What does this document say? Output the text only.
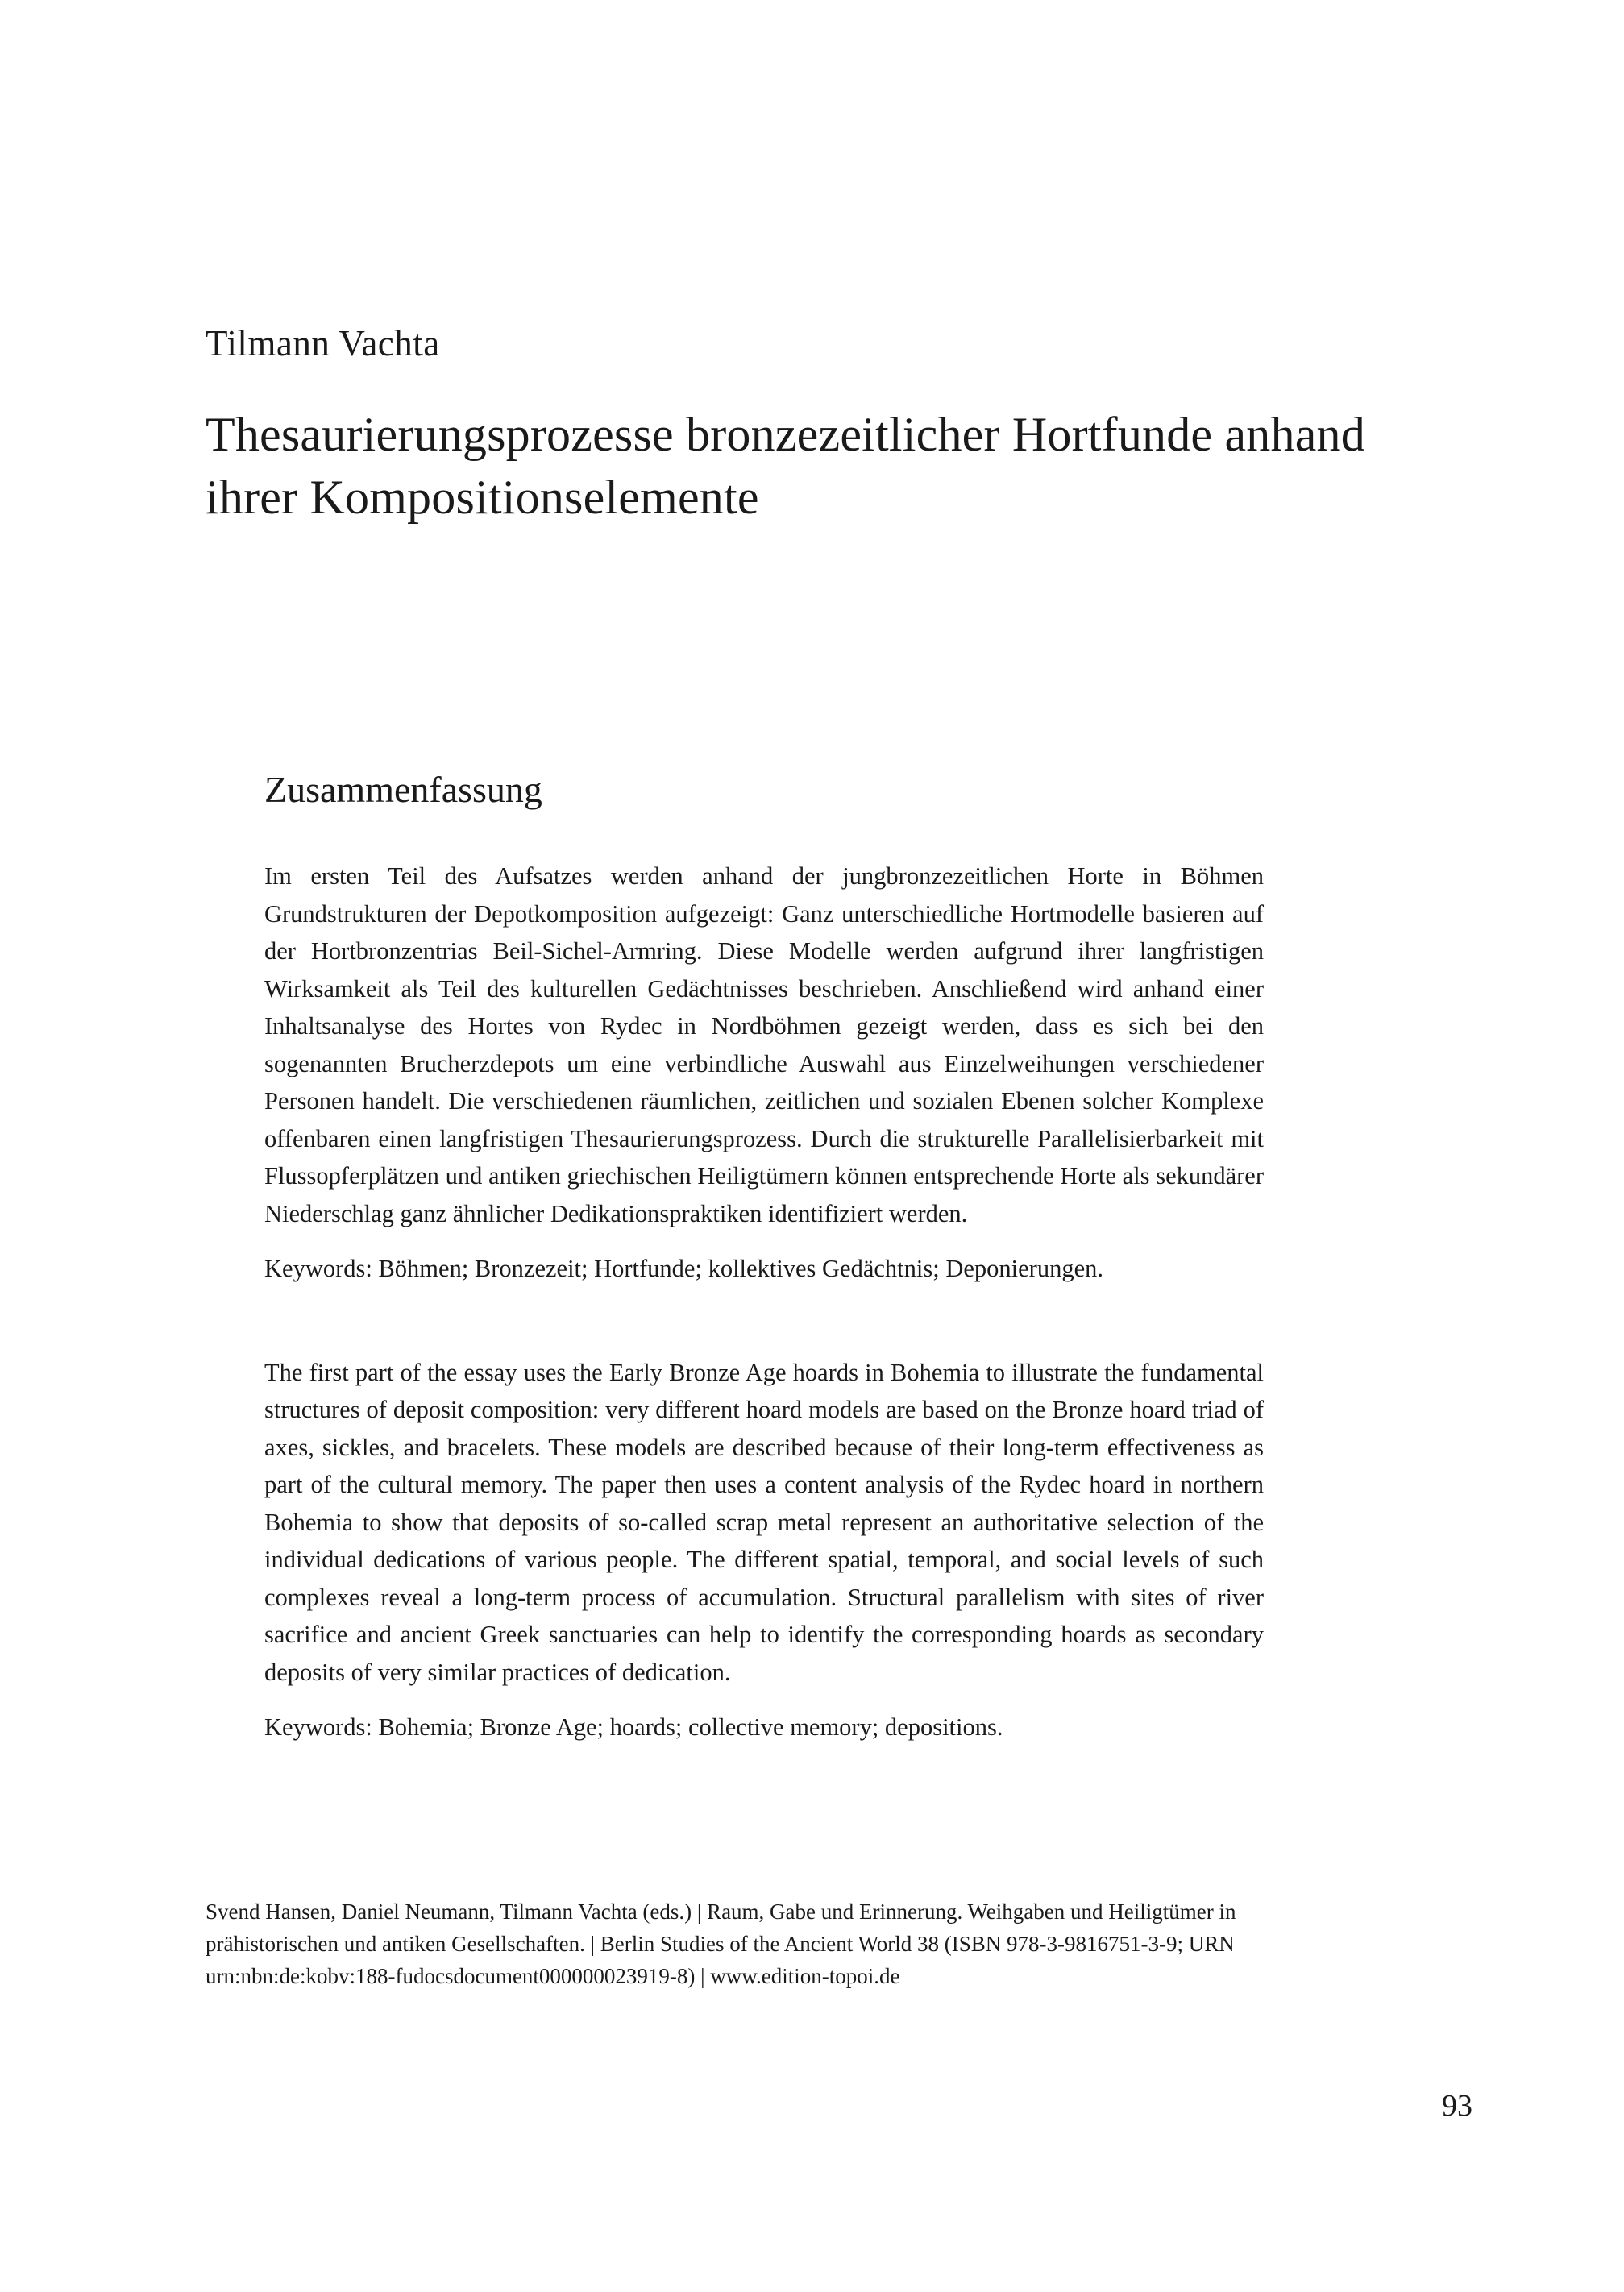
Tilmann Vachta
Thesaurierungsprozesse bronzezeitlicher Hortfunde anhand ihrer Kompositionselemente
Zusammenfassung

Im ersten Teil des Aufsatzes werden anhand der jungbronzezeitlichen Horte in Böhmen Grundstrukturen der Depotkomposition aufgezeigt: Ganz unterschiedliche Hortmodelle basieren auf der Hortbronzentrias Beil-Sichel-Armring. Diese Modelle werden aufgrund ihrer langfristigen Wirksamkeit als Teil des kulturellen Gedächtnisses beschrieben. Anschließend wird anhand einer Inhaltsanalyse des Hortes von Rydec in Nordböhmen gezeigt werden, dass es sich bei den sogenannten Brucherzdepots um eine verbindliche Auswahl aus Einzelweihungen verschiedener Personen handelt. Die verschiedenen räumlichen, zeitlichen und sozialen Ebenen solcher Komplexe offenbaren einen langfristigen Thesaurierungsprozess. Durch die strukturelle Parallelisierbarkeit mit Flussopferplätzen und antiken griechischen Heiligtümern können entsprechende Horte als sekundärer Niederschlag ganz ähnlicher Dedikationspraktiken identifiziert werden.

Keywords: Böhmen; Bronzezeit; Hortfunde; kollektives Gedächtnis; Deponierungen.

The first part of the essay uses the Early Bronze Age hoards in Bohemia to illustrate the fundamental structures of deposit composition: very different hoard models are based on the Bronze hoard triad of axes, sickles, and bracelets. These models are described because of their long-term effectiveness as part of the cultural memory. The paper then uses a content analysis of the Rydec hoard in northern Bohemia to show that deposits of so-called scrap metal represent an authoritative selection of the individual dedications of various people. The different spatial, temporal, and social levels of such complexes reveal a long-term process of accumulation. Structural parallelism with sites of river sacrifice and ancient Greek sanctuaries can help to identify the corresponding hoards as secondary deposits of very similar practices of dedication.

Keywords: Bohemia; Bronze Age; hoards; collective memory; depositions.

Svend Hansen, Daniel Neumann, Tilmann Vachta (eds.) | Raum, Gabe und Erinnerung. Weihgaben und Heiligtümer in prähistorischen und antiken Gesellschaften. | Berlin Studies of the Ancient World 38 (ISBN 978-3-9816751-3-9; URN urn:nbn:de:kobv:188-fudocsdocument000000023919-8) | www.edition-topoi.de

93
